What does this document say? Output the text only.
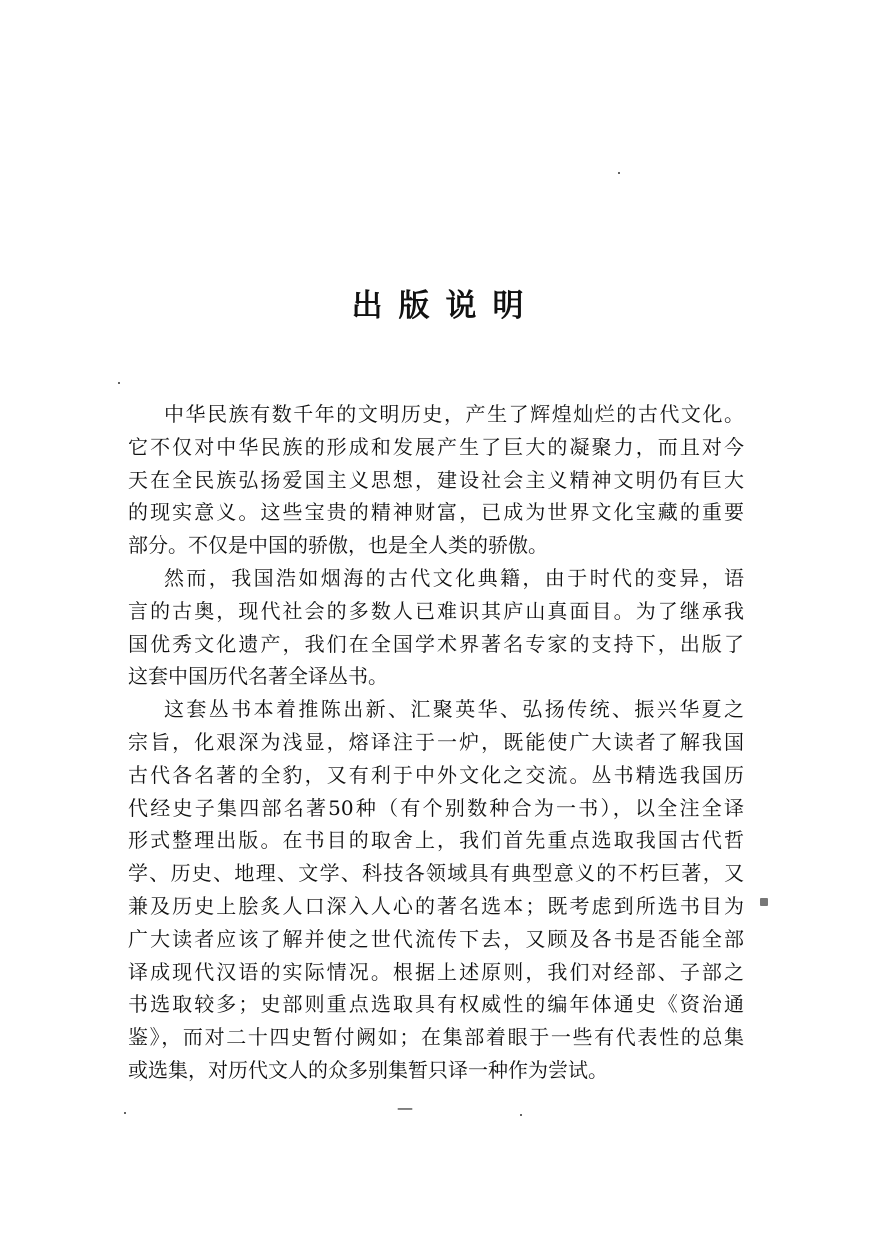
出版说明
中华民族有数千年的文明历史，产生了辉煌灿烂的古代文化。
它不仅对中华民族的形成和发展产生了巨大的凝聚力，而且对今
天在全民族弘扬爱国主义思想，建设社会主义精神文明仍有巨大
的现实意义。这些宝贵的精神财富，已成为世界文化宝藏的重要
部分。不仅是中国的骄傲，也是全人类的骄傲。
然而，我国浩如烟海的古代文化典籍，由于时代的变异，语
言的古奥，现代社会的多数人已难识其庐山真面目。为了继承我
国优秀文化遗产，我们在全国学术界著名专家的支持下，出版了
这套中国历代名著全译丛书。
这套丛书本着推陈出新、汇聚英华、弘扬传统、振兴华夏之
宗旨，化艰深为浅显，熔译注于一炉，既能使广大读者了解我国
古代各名著的全豹，又有利于中外文化之交流。丛书精选我国历
代经史子集四部名著50种（有个别数种合为一书），以全注全译
形式整理出版。在书目的取舍上，我们首先重点选取我国古代哲
学、历史、地理、文学、科技各领域具有典型意义的不朽巨著，又
兼及历史上脍炙人口深入人心的著名选本；既考虑到所选书目为
广大读者应该了解并使之世代流传下去，又顾及各书是否能全部
译成现代汉语的实际情况。根据上述原则，我们对经部、子部之
书选取较多；史部则重点选取具有权威性的编年体通史《资治通
鉴》，而对二十四史暂付阙如；在集部着眼于一些有代表性的总集
或选集，对历代文人的众多别集暂只译一种作为尝试。
—
